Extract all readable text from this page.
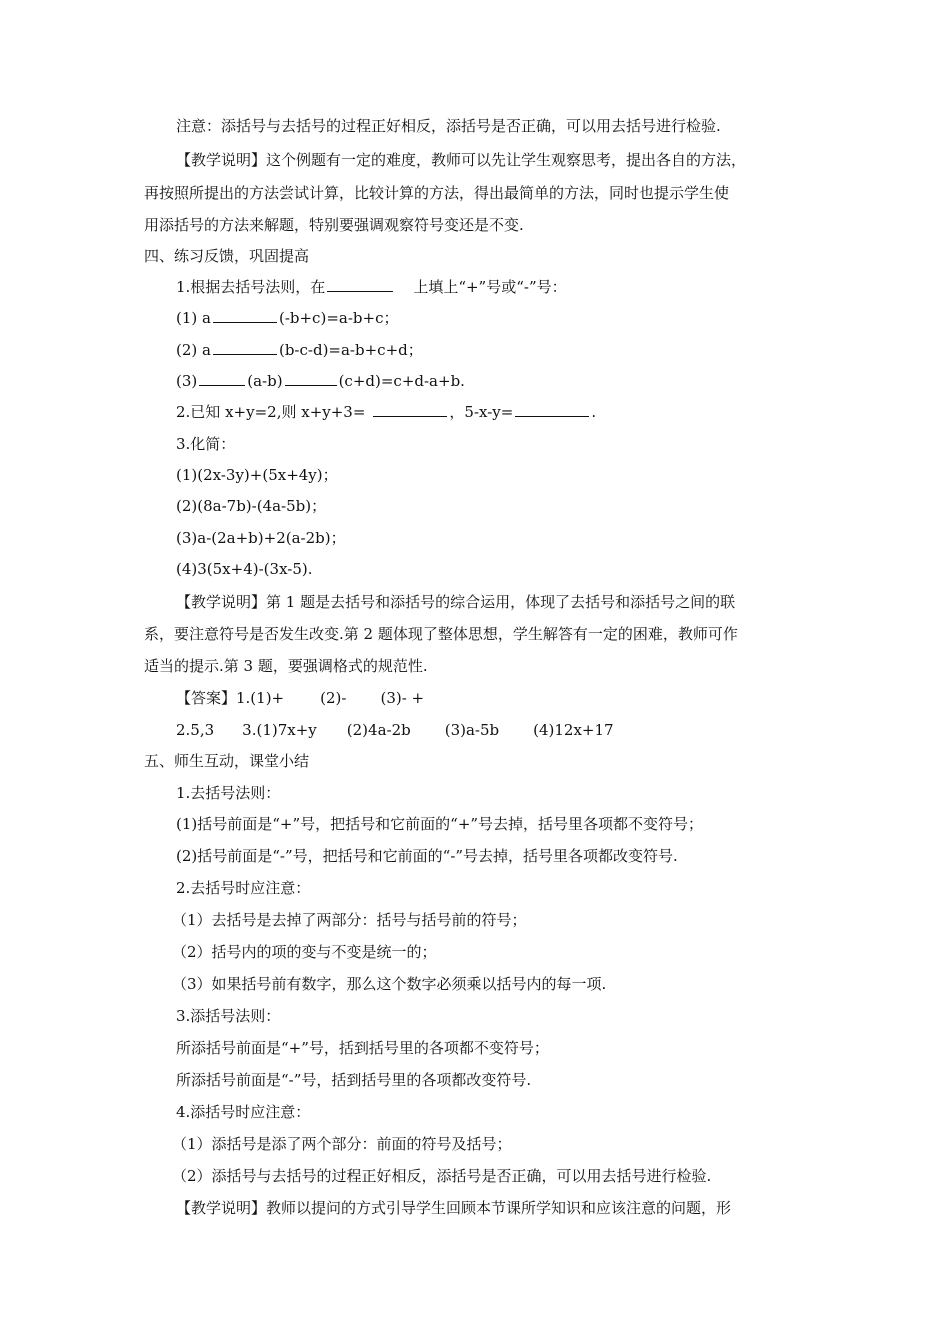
注意：添括号与去括号的过程正好相反，添括号是否正确，可以用去括号进行检验.
【教学说明】这个例题有一定的难度，教师可以先让学生观察思考，提出各自的方法，
再按照所提出的方法尝试计算，比较计算的方法，得出最简单的方法，同时也提示学生使
用添括号的方法来解题，特别要强调观察符号变还是不变.
四、练习反馈，巩固提高
1.根据去括号法则，在	上填上“+”号或“-”号：
(1) a	(-b+c)=a-b+c；
(2) a	(b-c-d)=a-b+c+d；
(3)	(a-b)	(c+d)=c+d-a+b.
2.已知 x+y=2,则 x+y+3=	，5-x-y=	.
3.化简：
(1)(2x-3y)+(5x+4y)；
(2)(8a-7b)-(4a-5b)；
(3)a-(2a+b)+2(a-2b)；
(4)3(5x+4)-(3x-5).
【教学说明】第 1 题是去括号和添括号的综合运用，体现了去括号和添括号之间的联
系，要注意符号是否发生改变.第 2 题体现了整体思想，学生解答有一定的困难，教师可作
适当的提示.第 3 题，要强调格式的规范性.
【答案】1.(1)+ (2)- (3)- +
2.5,3 3.(1)7x+y (2)4a-2b (3)a-5b (4)12x+17
五、师生互动，课堂小结
1.去括号法则：
(1)括号前面是“+”号，把括号和它前面的“+”号去掉，括号里各项都不变符号；
(2)括号前面是“-”号，把括号和它前面的“-”号去掉，括号里各项都改变符号.
2.去括号时应注意：
（1）去括号是去掉了两部分：括号与括号前的符号；
（2）括号内的项的变与不变是统一的；
（3）如果括号前有数字，那么这个数字必须乘以括号内的每一项.
3.添括号法则：
所添括号前面是“+”号，括到括号里的各项都不变符号；
所添括号前面是“-”号，括到括号里的各项都改变符号.
4.添括号时应注意：
（1）添括号是添了两个部分：前面的符号及括号；
（2）添括号与去括号的过程正好相反，添括号是否正确，可以用去括号进行检验.
【教学说明】教师以提问的方式引导学生回顾本节课所学知识和应该注意的问题，形
